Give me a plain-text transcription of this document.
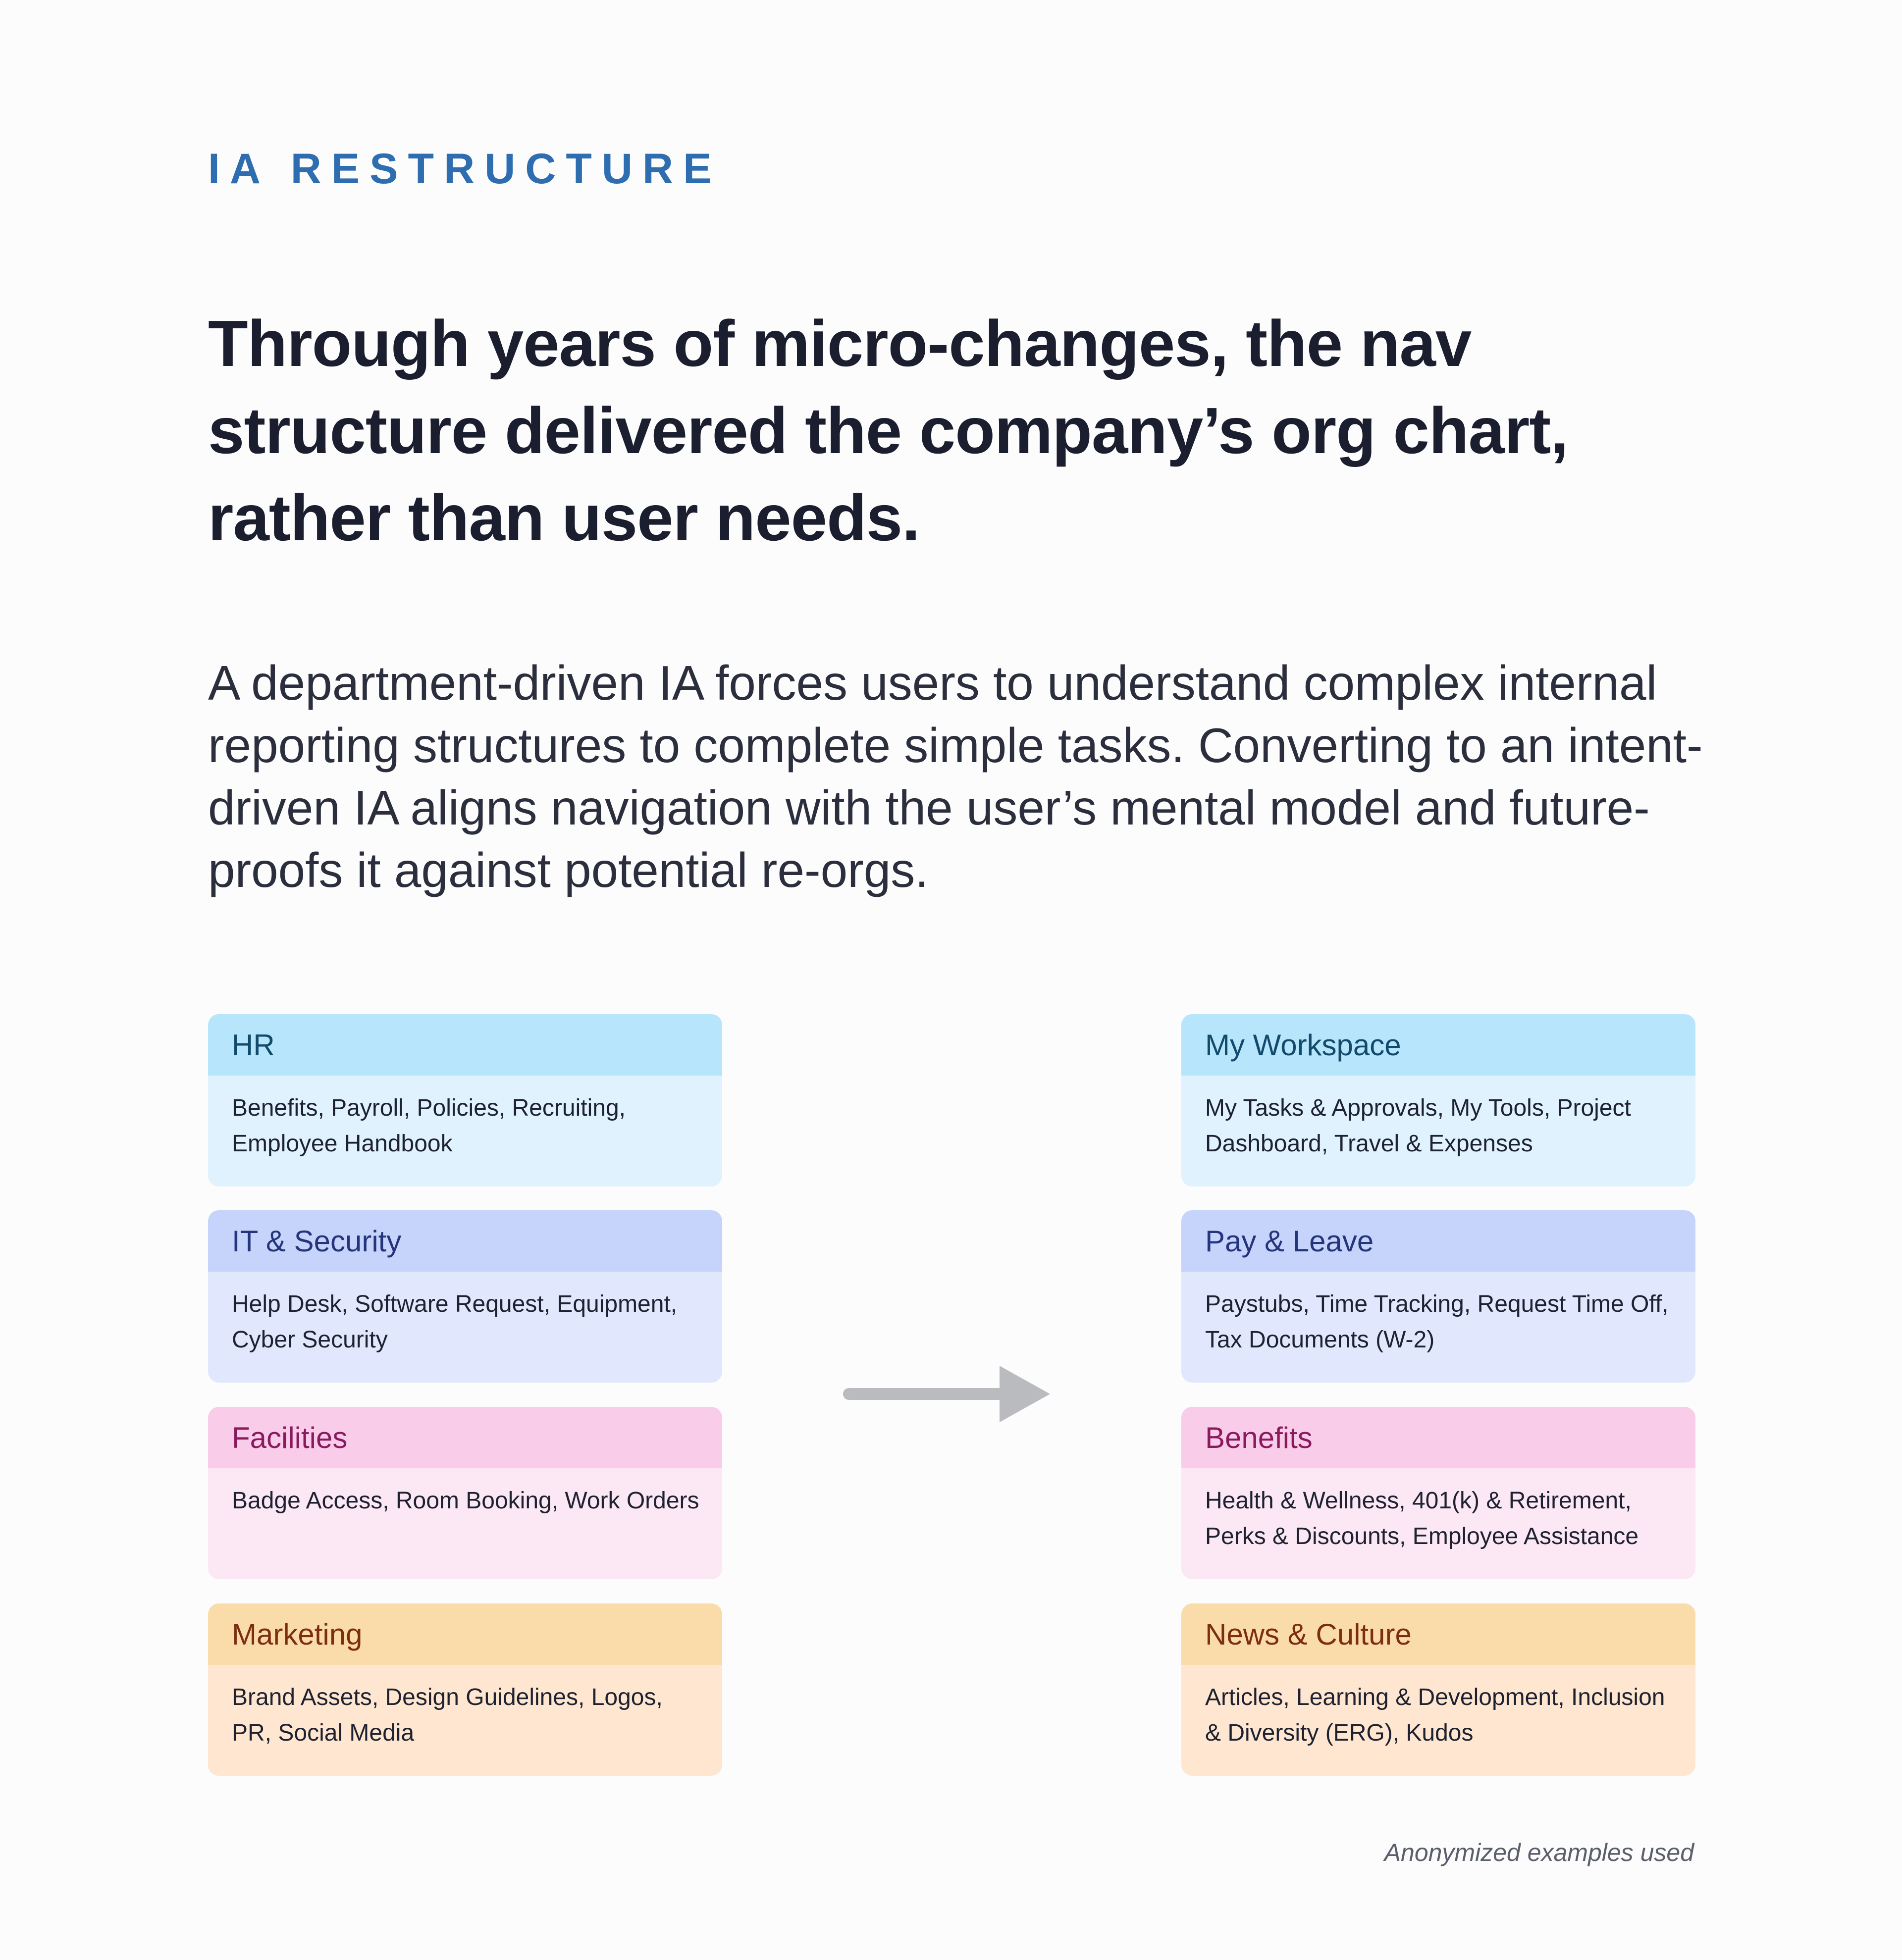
IA RESTRUCTURE
Through years of micro-changes, the nav structure delivered the company’s org chart, rather than user needs.

A department-driven IA forces users to understand complex internal reporting structures to complete simple tasks. Converting to an intent-driven IA aligns navigation with the user’s mental model and future-proofs it against potential re-orgs.

HR
Benefits, Payroll, Policies, Recruiting, Employee Handbook
IT & Security
Help Desk, Software Request, Equipment, Cyber Security
Facilities
Badge Access, Room Booking, Work Orders
Marketing
Brand Assets, Design Guidelines, Logos, PR, Social Media
My Workspace
My Tasks & Approvals, My Tools, Project Dashboard, Travel & Expenses
Pay & Leave
Paystubs, Time Tracking, Request Time Off, Tax Documents (W-2)
Benefits
Health & Wellness, 401(k) & Retirement, Perks & Discounts, Employee Assistance
News & Culture
Articles, Learning & Development, Inclusion & Diversity (ERG), Kudos

Anonymized examples used
